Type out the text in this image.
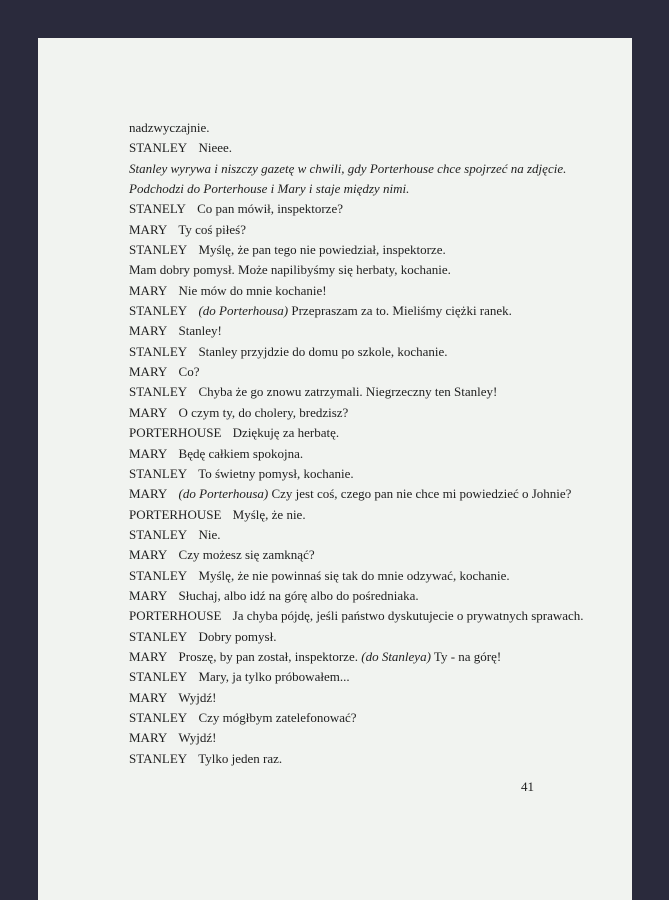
nadzwyczajnie.
STANLEY Nieee.
Stanley wyrywa i niszczy gazetę w chwili, gdy Porterhouse chce spojrzeć na zdjęcie.
Podchodzi do Porterhouse i Mary i staje między nimi.
STANELY Co pan mówił, inspektorze?
MARY Ty coś piłeś?
STANLEY Myślę, że pan tego nie powiedział, inspektorze.
Mam dobry pomysł. Może napilibyśmy się herbaty, kochanie.
MARY Nie mów do mnie kochanie!
STANLEY (do Porterhousa) Przepraszam za to. Mieliśmy ciężki ranek.
MARY Stanley!
STANLEY Stanley przyjdzie do domu po szkole, kochanie.
MARY Co?
STANLEY Chyba że go znowu zatrzymali. Niegrzeczny ten Stanley!
MARY O czym ty, do cholery, bredzisz?
PORTERHOUSE Dziękuję za herbatę.
MARY Będę całkiem spokojna.
STANLEY To świetny pomysł, kochanie.
MARY (do Porterhousa) Czy jest coś, czego pan nie chce mi powiedzieć o Johnie?
PORTERHOUSE Myślę, że nie.
STANLEY Nie.
MARY Czy możesz się zamknąć?
STANLEY Myślę, że nie powinnaś się tak do mnie odzywać, kochanie.
MARY Słuchaj, albo idź na górę albo do pośredniaka.
PORTERHOUSE Ja chyba pójdę, jeśli państwo dyskutujecie o prywatnych sprawach.
STANLEY Dobry pomysł.
MARY Proszę, by pan został, inspektorze. (do Stanleya) Ty - na górę!
STANLEY Mary, ja tylko próbowałem...
MARY Wyjdź!
STANLEY Czy mógłbym zatelefonować?
MARY Wyjdź!
STANLEY Tylko jeden raz.
41
